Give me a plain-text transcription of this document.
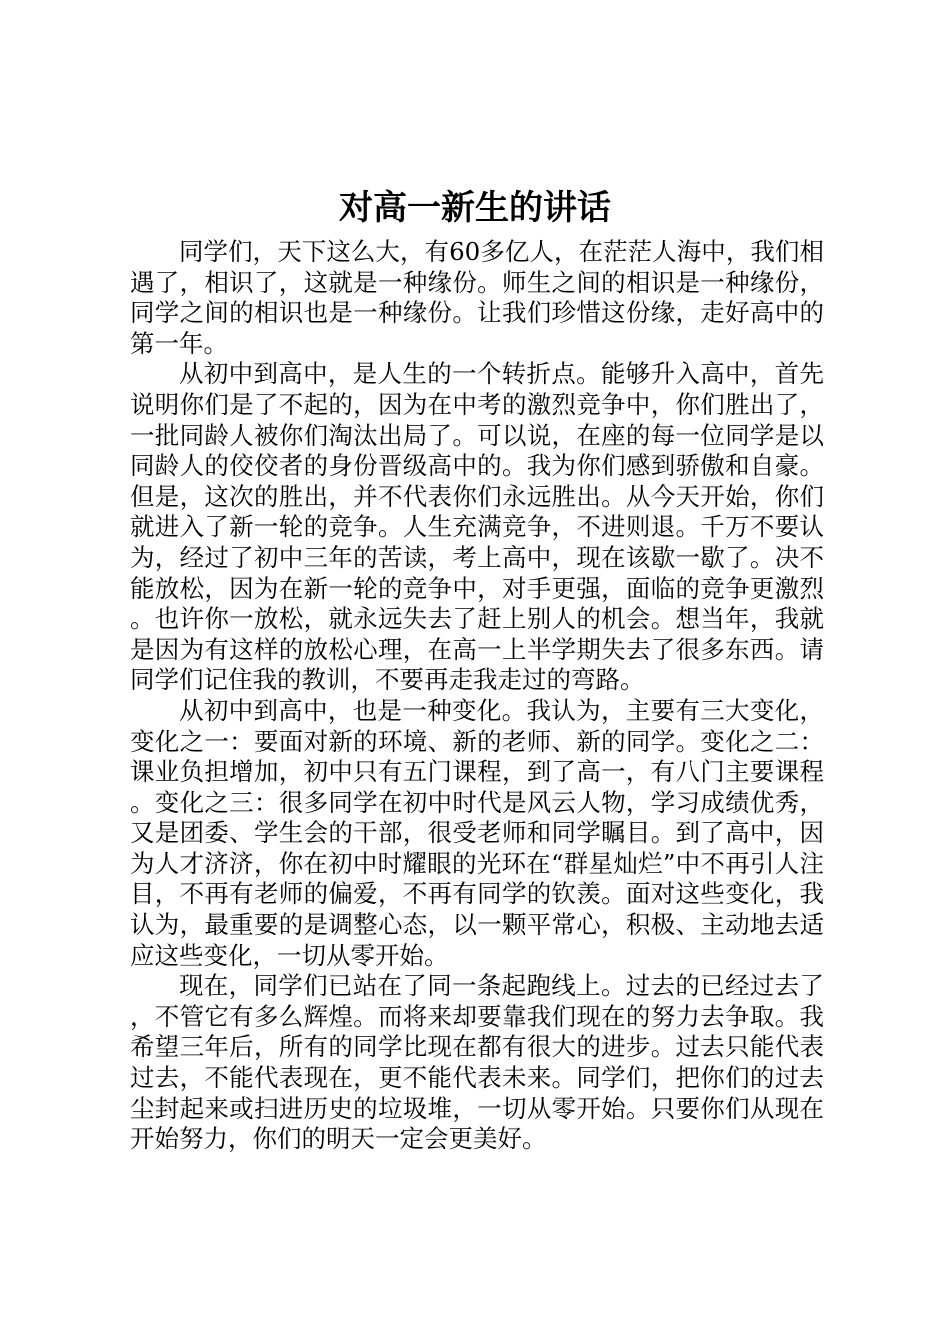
对高一新生的讲话

同学们，天下这么大，有60多亿人，在茫茫人海中，我们相遇了，相识了，这就是一种缘份。师生之间的相识是一种缘份，同学之间的相识也是一种缘份。让我们珍惜这份缘，走好高中的第一年。

从初中到高中，是人生的一个转折点。能够升入高中，首先说明你们是了不起的，因为在中考的激烈竞争中，你们胜出了，一批同龄人被你们淘汰出局了。可以说，在座的每一位同学是以同龄人的佼佼者的身份晋级高中的。我为你们感到骄傲和自豪。但是，这次的胜出，并不代表你们永远胜出。从今天开始，你们就进入了新一轮的竞争。人生充满竞争，不进则退。千万不要认为，经过了初中三年的苦读，考上高中，现在该歇一歇了。决不能放松，因为在新一轮的竞争中，对手更强，面临的竞争更激烈。也许你一放松，就永远失去了赶上别人的机会。想当年，我就是因为有这样的放松心理，在高一上半学期失去了很多东西。请同学们记住我的教训，不要再走我走过的弯路。

从初中到高中，也是一种变化。我认为，主要有三大变化，变化之一：要面对新的环境、新的老师、新的同学。变化之二：课业负担增加，初中只有五门课程，到了高一，有八门主要课程。变化之三：很多同学在初中时代是风云人物，学习成绩优秀，又是团委、学生会的干部，很受老师和同学瞩目。到了高中，因为人才济济，你在初中时耀眼的光环在“群星灿烂”中不再引人注目，不再有老师的偏爱，不再有同学的钦羡。面对这些变化，我认为，最重要的是调整心态，以一颗平常心，积极、主动地去适应这些变化，一切从零开始。

现在，同学们已站在了同一条起跑线上。过去的已经过去了，不管它有多么辉煌。而将来却要靠我们现在的努力去争取。我希望三年后，所有的同学比现在都有很大的进步。过去只能代表过去，不能代表现在，更不能代表未来。同学们，把你们的过去尘封起来或扫进历史的垃圾堆，一切从零开始。只要你们从现在开始努力，你们的明天一定会更美好。
